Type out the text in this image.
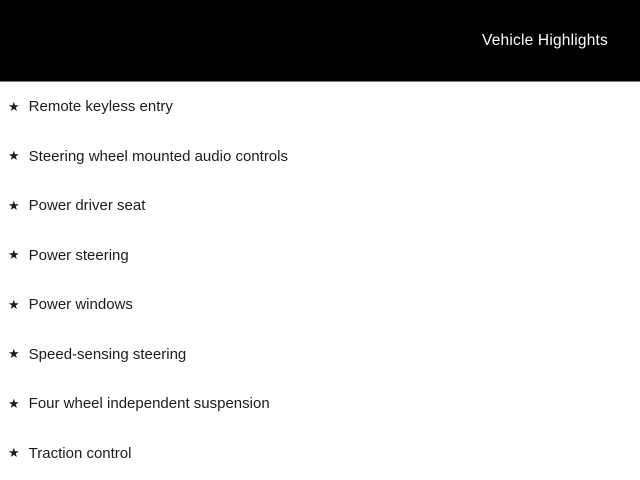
Vehicle Highlights
★ Remote keyless entry
★ Steering wheel mounted audio controls
★ Power driver seat
★ Power steering
★ Power windows
★ Speed-sensing steering
★ Four wheel independent suspension
★ Traction control
